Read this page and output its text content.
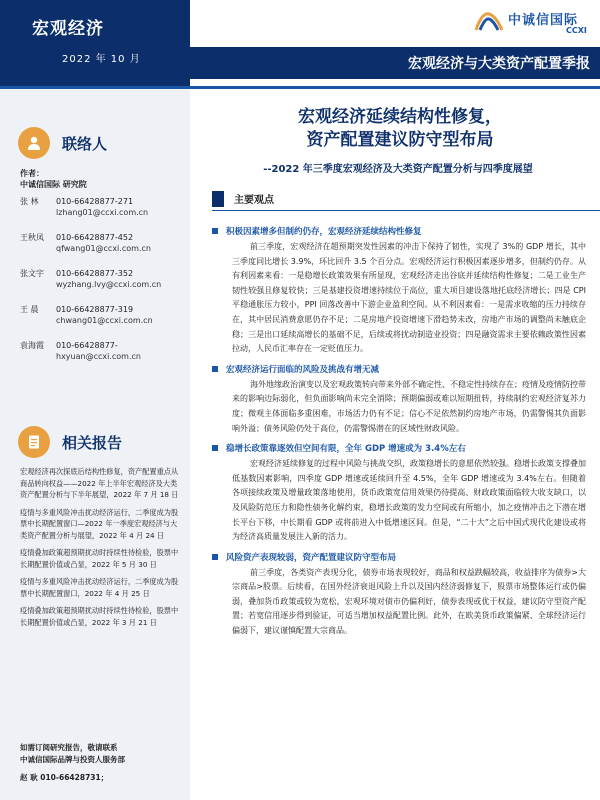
宏观经济
2022 年 10 月	宏观经济与大类资产配置季报
中诚信国际
CCXI
联络人
作者：
中诚信国际 研究院
张 林 010-66428877-271
lzhang01@ccxi.com.cn
王秋凤 010-66428877-452
qfwang01@ccxi.com.cn
张文宇 010-66428877-352
wyzhang.lvy@ccxi.com.cn
王 晨 010-66428877-319
chwang01@ccxi.com.cn
袁海霞 010-66428877-
hxyuan@ccxi.com.cn
相关报告
宏观经济再次探底后结构性修复，资产配置重点从商品转向权益——2022 年上半年宏观经济及大类资产配置分析与下半年展望，2022 年 7 月 18 日
疫情与多重风险冲击扰动经济运行，二季度成为股票中长期配置窗口—2022 年一季度宏观经济与大类资产配置分析与展望，2022 年 4 月 24 日
疫情叠加政策超预期扰动时持续性待检验，股票中长期配置价值或凸显，2022 年 5 月 30 日
疫情与多重风险冲击扰动经济运行，二季度成为股票中长期配置窗口，2022 年 4 月 25 日
疫情叠加政策超预期扰动时持续性待检验，股票中长期配置价值或凸显，2022 年 3 月 21 日
如需订阅研究报告，敬请联系
中诚信国际品牌与投资人服务部
赵 耿 010-66428731；
宏观经济延续结构性修复，
资产配置建议防守型布局
--2022 年三季度宏观经济及大类资产配置分析与四季度展望
主要观点
积极因素增多但制约仍存，宏观经济延续结构性修复
前三季度，宏观经济在超预期突发性因素的冲击下保持了韧性，实现了 3%的 GDP 增长，其中三季度同比增长 3.9%，环比回升 3.5 个百分点。宏观经济运行积极因素逐步增多，但制约仍存。从有利因素来看：一是稳增长政策效果有所显现，宏观经济走出谷底并延续结构性修复；二是工业生产韧性较强且修复较快；三是基建投资增速持续位于高位，重大项目建设落地托底经济增长；四是 CPI 平稳通胀压力较小，PPI 回落改善中下游企业盈利空间。从不利因素看：一是需求收缩的压力持续存在，其中居民消费意愿仍存不足；二是房地产投资增速下滑趋势未改，房地产市场的调整尚未触底企稳；三是出口延续高增长的基础不足，后续或将扰动制造业投资；四是融资需求主要依赖政策性因素拉动，人民币汇率存在一定贬值压力。
宏观经济运行面临的风险及挑战有增无减
海外地缘政治演变以及宏观政策转向带来外部不确定性、不稳定性持续存在；疫情及疫情防控带来的影响边际弱化，但负面影响尚未完全消除；预期偏弱或难以短期扭转，持续制约宏观经济复苏力度；微观主体面临多重困难，市场活力仍有不足；信心不足依然制约房地产市场，仍需警惕其负面影响外溢；债务风险仍处于高位，仍需警惕潜在的区域性财政风险。
稳增长政策靠逐效但空间有限，全年 GDP 增速或为 3.4%左右
宏观经济延续修复的过程中风险与挑战交织，政策稳增长的意愿依然较强。稳增长政策支撑叠加低基数因素影响，四季度 GDP 增速或延续回升至 4.5%，全年 GDP 增速或为 3.4%左右。但随着各项接续政策及增量政策落地使用，货币政策宽信用效果仍待提高、财政政策面临较大收支缺口，以及风险防范压力和隐性债务化解约束，稳增长政策的发力空间或有所缩小，加之疫情冲击之下潜在增长平台下移，中长期看 GDP 或将前进入中低增速区间。但是，“二十大”之后中国式现代化建设或将为经济高质量发展注入新的活力。
风险资产表现较弱，资产配置建议防守型布局
前三季度，各类资产表现分化，债券市场表现较好，商品和权益跌幅较高，收益排序为债券>大宗商品>股票。后续看，在国外经济衰退风险上升以及国内经济弱修复下，股票市场整体运行或仍偏弱，叠加货币政策或较为宽松，宏观环境对债市仍偏利好，债券表现或优于权益，建议防守型资产配置；若宽信用逐步得到验证，可适当增加权益配置比例。此外，在欧美货币政策偏紧、全球经济运行偏弱下，建议谨慎配置大宗商品。
